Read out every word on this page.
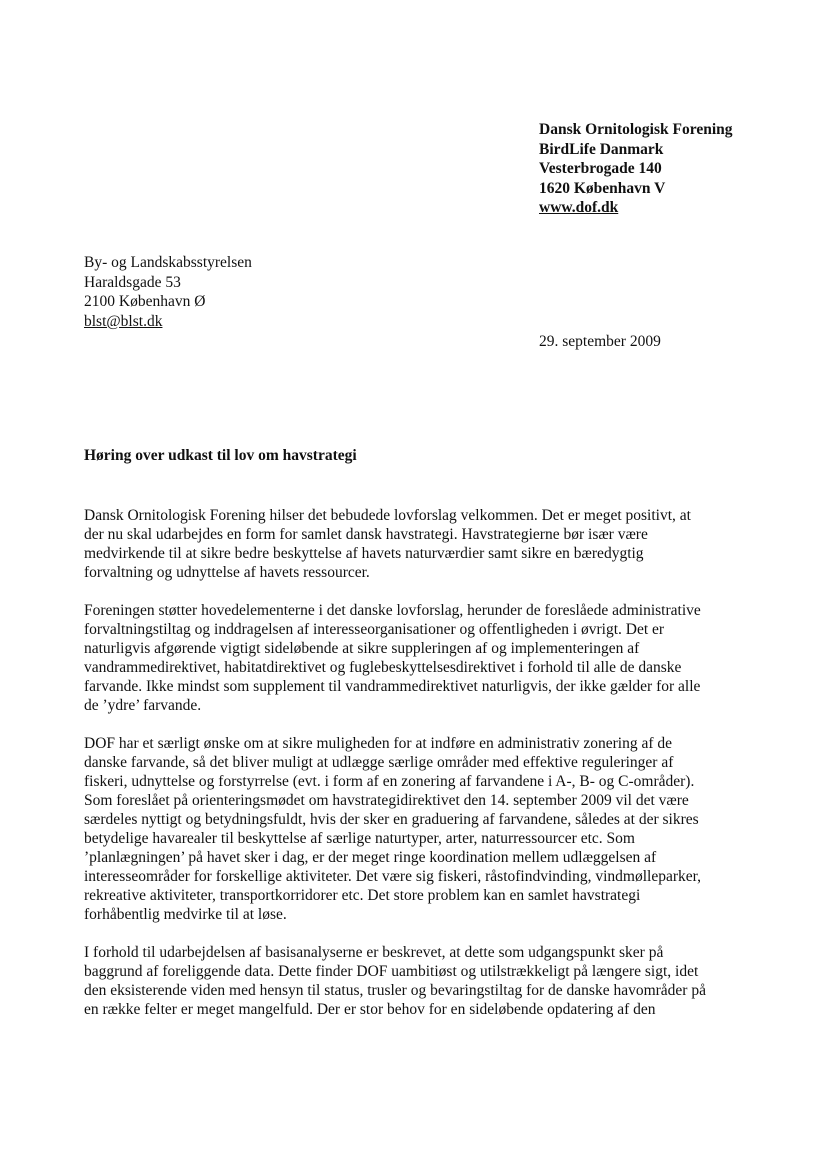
Dansk Ornitologisk Forening
BirdLife Danmark
Vesterbrogade 140
1620 København V
www.dof.dk
By- og Landskabsstyrelsen
Haraldsgade 53
2100 København Ø
blst@blst.dk
29. september 2009
Høring over udkast til lov om havstrategi
Dansk Ornitologisk Forening hilser det bebudede lovforslag velkommen. Det er meget positivt, at
der nu skal udarbejdes en form for samlet dansk havstrategi. Havstrategierne bør især være
medvirkende til at sikre bedre beskyttelse af havets naturværdier samt sikre en bæredygtig
forvaltning og udnyttelse af havets ressourcer.
Foreningen støtter hovedelementerne i det danske lovforslag, herunder de foreslåede administrative
forvaltningstiltag og inddragelsen af interesseorganisationer og offentligheden i øvrigt. Det er
naturligvis afgørende vigtigt sideløbende at sikre suppleringen af og implementeringen af
vandrammedirektivet, habitatdirektivet og fuglebeskyttelsesdirektivet i forhold til alle de danske
farvande. Ikke mindst som supplement til vandrammedirektivet naturligvis, der ikke gælder for alle
de ’ydre’ farvande.
DOF har et særligt ønske om at sikre muligheden for at indføre en administrativ zonering af de
danske farvande, så det bliver muligt at udlægge særlige områder med effektive reguleringer af
fiskeri, udnyttelse og forstyrrelse (evt. i form af en zonering af farvandene i A-, B- og C-områder).
Som foreslået på orienteringsmødet om havstrategidirektivet den 14. september 2009 vil det være
særdeles nyttigt og betydningsfuldt, hvis der sker en graduering af farvandene, således at der sikres
betydelige havarealer til beskyttelse af særlige naturtyper, arter, naturressourcer etc. Som
’planlægningen’ på havet sker i dag, er der meget ringe koordination mellem udlæggelsen af
interesseområder for forskellige aktiviteter. Det være sig fiskeri, råstofindvinding, vindmølleparker,
rekreative aktiviteter, transportkorridorer etc. Det store problem kan en samlet havstrategi
forhåbentlig medvirke til at løse.
I forhold til udarbejdelsen af basisanalyserne er beskrevet, at dette som udgangspunkt sker på
baggrund af foreliggende data. Dette finder DOF uambitiøst og utilstrækkeligt på længere sigt, idet
den eksisterende viden med hensyn til status, trusler og bevaringstiltag for de danske havområder på
en række felter er meget mangelfuld. Der er stor behov for en sideløbende opdatering af den
